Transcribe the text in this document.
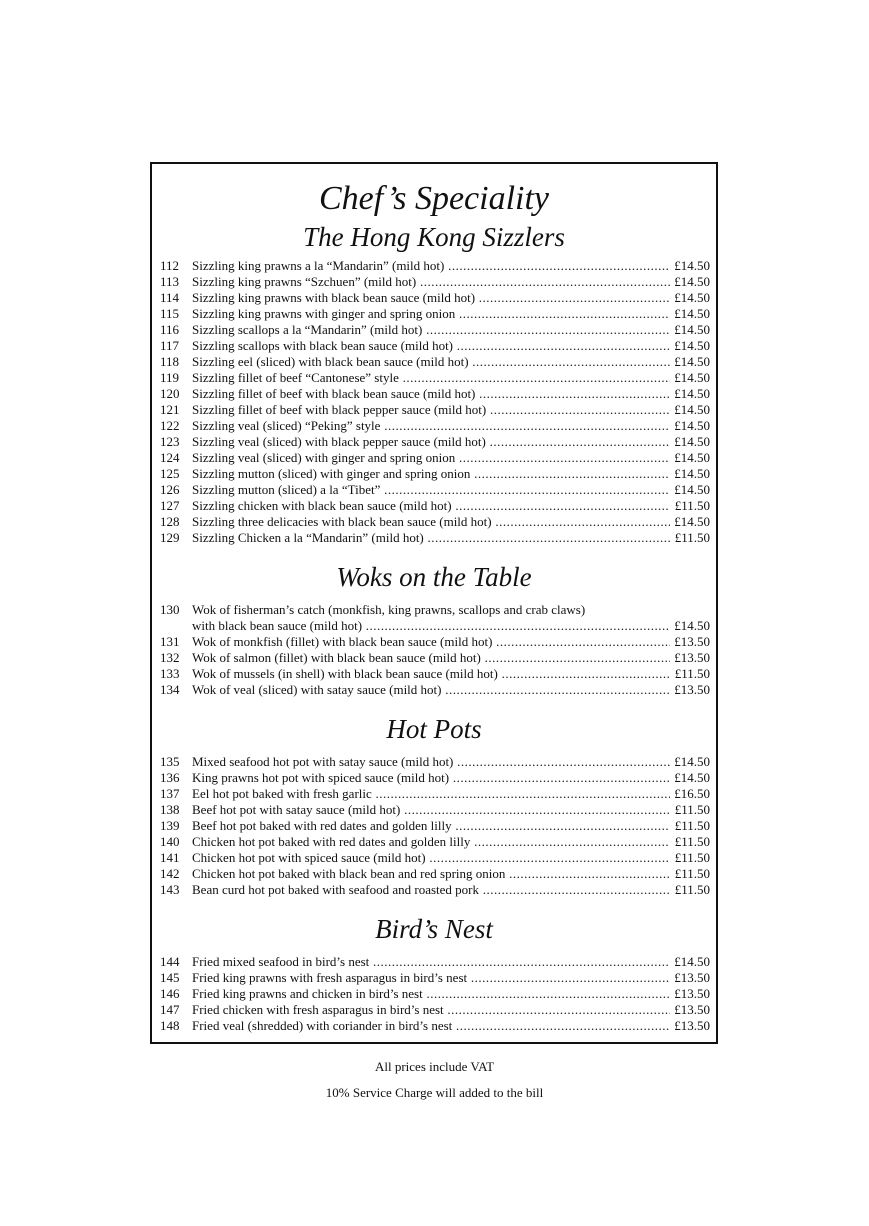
Chef’s Speciality
The Hong Kong Sizzlers
112 Sizzling king prawns a la “Mandarin” (mild hot) .....	£14.50
113 Sizzling king prawns “Szchuen” (mild hot) .....	£14.50
114 Sizzling king prawns with black bean sauce (mild hot) .....	£14.50
115 Sizzling king prawns with ginger and spring onion .....	£14.50
116 Sizzling scallops a la “Mandarin” (mild hot) .....	£14.50
117 Sizzling scallops with black bean sauce (mild hot) .....	£14.50
118 Sizzling eel (sliced) with black bean sauce (mild hot) .....	£14.50
119 Sizzling fillet of beef “Cantonese” style .....	£14.50
120 Sizzling fillet of beef with black bean sauce (mild hot) .....	£14.50
121 Sizzling fillet of beef with black pepper sauce (mild hot) .....	£14.50
122 Sizzling veal (sliced) “Peking” style .....	£14.50
123 Sizzling veal (sliced) with black pepper sauce (mild hot) .....	£14.50
124 Sizzling veal (sliced) with ginger and spring onion .....	£14.50
125 Sizzling mutton (sliced) with ginger and spring onion .....	£14.50
126 Sizzling mutton (sliced) a la “Tibet” .....	£14.50
127 Sizzling chicken with black bean sauce (mild hot) .....	£11.50
128 Sizzling three delicacies with black bean sauce (mild hot) .....	£14.50
129 Sizzling Chicken a la “Mandarin” (mild hot) .....	£11.50
Woks on the Table
130 Wok of fisherman’s catch (monkfish, king prawns, scallops and crab claws)
with black bean sauce (mild hot) .....	£14.50
131 Wok of monkfish (fillet) with black bean sauce (mild hot) .....	£13.50
132 Wok of salmon (fillet) with black bean sauce (mild hot) .....	£13.50
133 Wok of mussels (in shell) with black bean sauce (mild hot) .....	£11.50
134 Wok of veal (sliced) with satay sauce (mild hot) .....	£13.50
Hot Pots
135 Mixed seafood hot pot with satay sauce (mild hot) .....	£14.50
136 King prawns hot pot with spiced sauce (mild hot) .....	£14.50
137 Eel hot pot baked with fresh garlic .....	£16.50
138 Beef hot pot with satay sauce (mild hot) .....	£11.50
139 Beef hot pot baked with red dates and golden lilly .....	£11.50
140 Chicken hot pot baked with red dates and golden lilly .....	£11.50
141 Chicken hot pot with spiced sauce (mild hot) .....	£11.50
142 Chicken hot pot baked with black bean and red spring onion .....	£11.50
143 Bean curd hot pot baked with seafood and roasted pork .....	£11.50
Bird’s Nest
144 Fried mixed seafood in bird’s nest .....	£14.50
145 Fried king prawns with fresh asparagus in bird’s nest .....	£13.50
146 Fried king prawns and chicken in bird’s nest .....	£13.50
147 Fried chicken with fresh asparagus in bird’s nest .....	£13.50
148 Fried veal (shredded) with coriander in bird’s nest .....	£13.50
All prices include VAT
10% Service Charge will added to the bill
